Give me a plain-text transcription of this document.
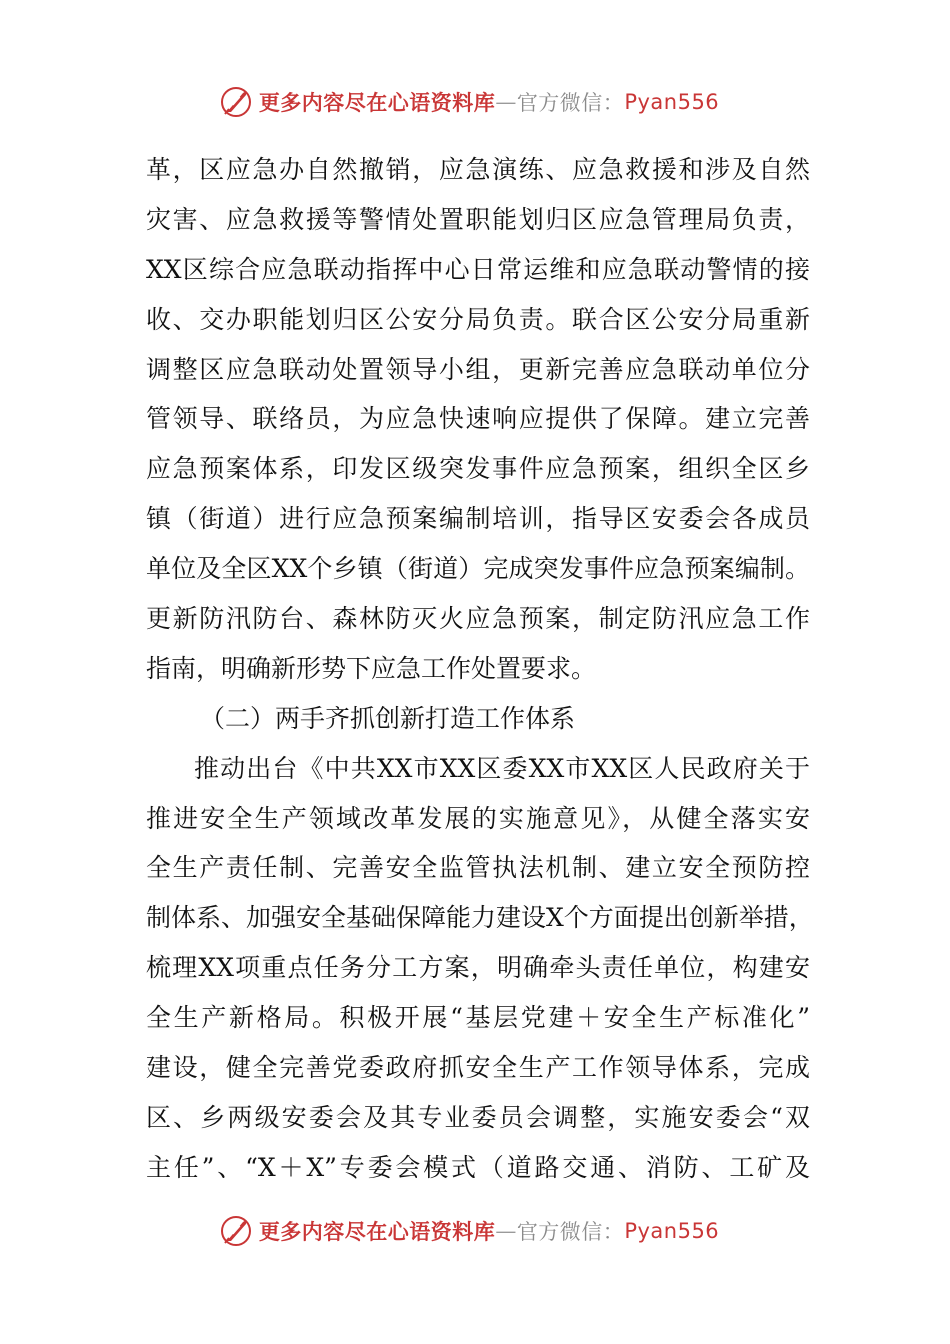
更多内容尽在心语资料库 — 官方微信： Pyan556
革，区应急办自然撤销，应急演练、应急救援和涉及自然
灾害、应急救援等警情处置职能划归区应急管理局负责，
XX区综合应急联动指挥中心日常运维和应急联动警情的接
收、交办职能划归区公安分局负责。联合区公安分局重新
调整区应急联动处置领导小组，更新完善应急联动单位分
管领导、联络员，为应急快速响应提供了保障。建立完善
应急预案体系，印发区级突发事件应急预案，组织全区乡
镇（街道）进行应急预案编制培训，指导区安委会各成员
单位及全区XX个乡镇（街道）完成突发事件应急预案编制。
更新防汛防台、森林防灭火应急预案，制定防汛应急工作
指南，明确新形势下应急工作处置要求。
（二）两手齐抓创新打造工作体系
推动出台《中共XX市XX区委XX市XX区人民政府关于
推进安全生产领域改革发展的实施意见》，从健全落实安
全生产责任制、完善安全监管执法机制、建立安全预防控
制体系、加强安全基础保障能力建设X个方面提出创新举措，
梳理XX项重点任务分工方案，明确牵头责任单位，构建安
全生产新格局。积极开展“基层党建＋安全生产标准化”
建设，健全完善党委政府抓安全生产工作领导体系，完成
区、乡两级安委会及其专业委员会调整，实施安委会“双
主任”、“X＋X”专委会模式（道路交通、消防、工矿及
更多内容尽在心语资料库 — 官方微信： Pyan556
